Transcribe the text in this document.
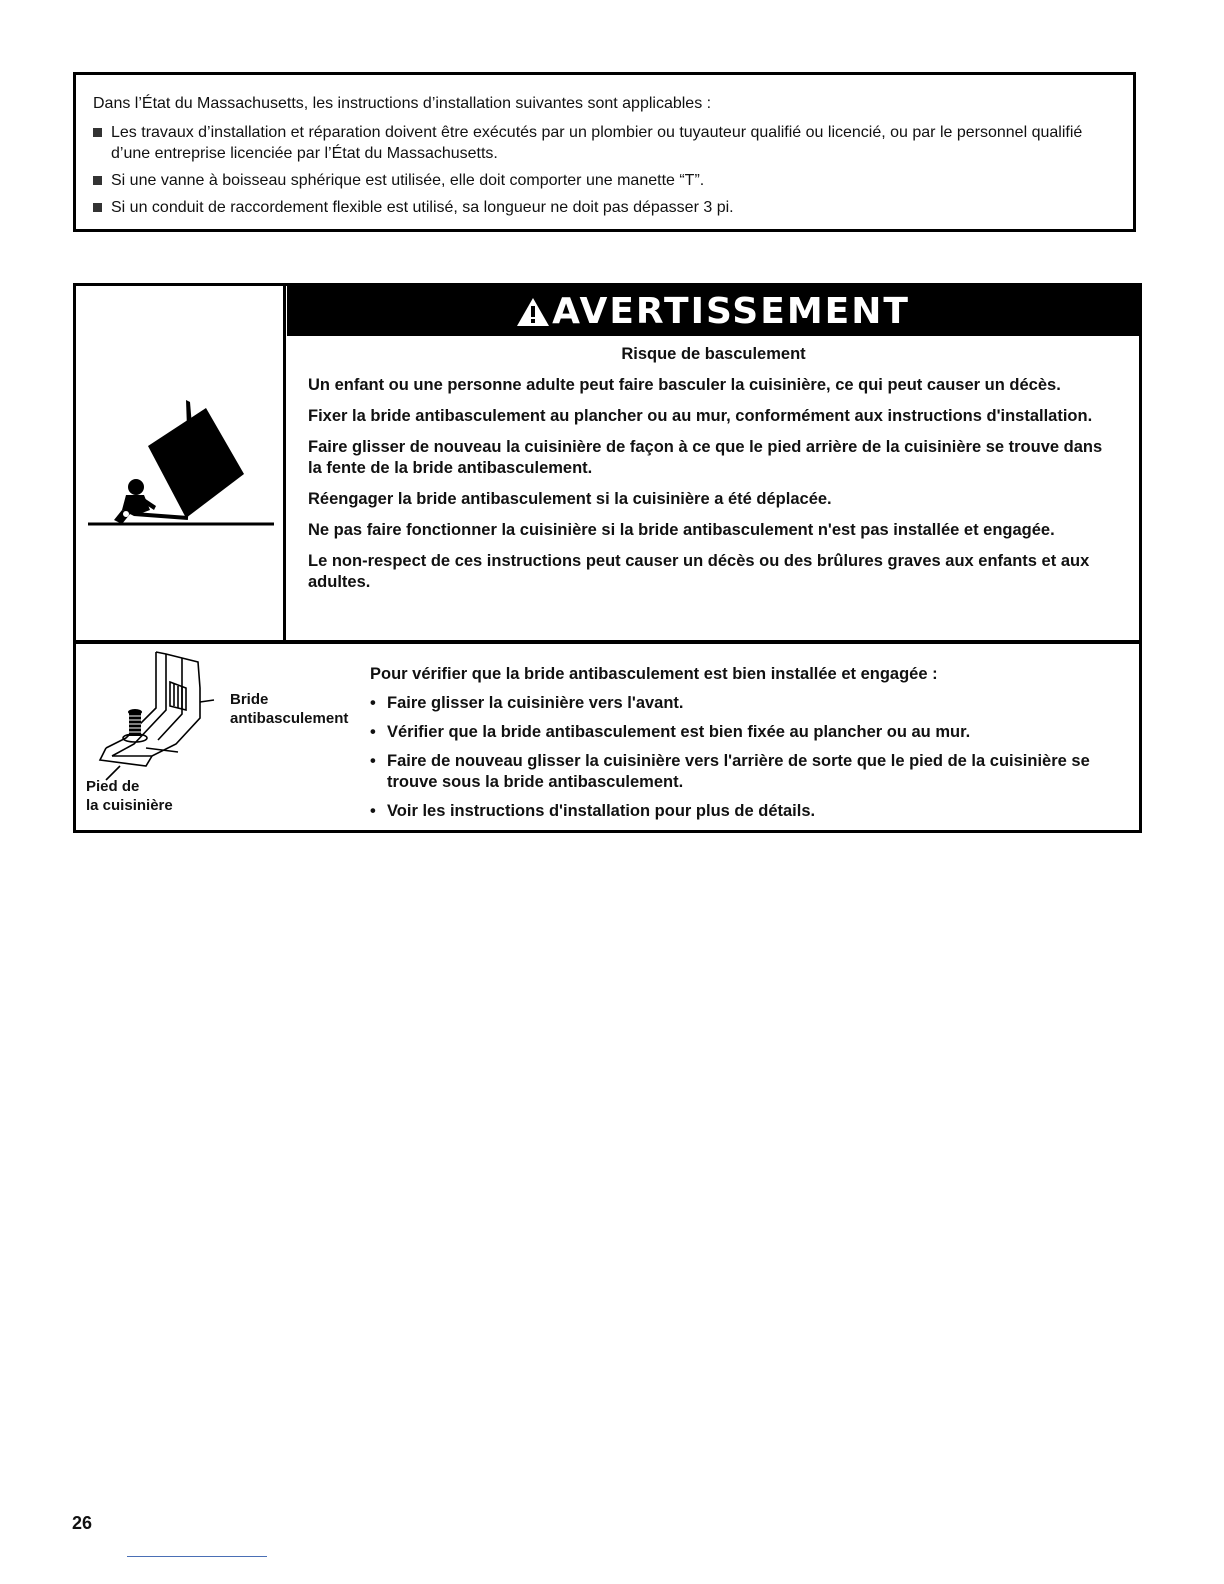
Dans l’État du Massachusetts, les instructions d’installation suivantes sont applicables :

Les travaux d’installation et réparation doivent être exécutés par un plombier ou tuyauteur qualifié ou licencié, ou par le personnel qualifié d’une entreprise licenciée par l’État du Massachusetts.
Si une vanne à boisseau sphérique est utilisée, elle doit comporter une manette “T”.
Si un conduit de raccordement flexible est utilisé, sa longueur ne doit pas dépasser 3 pi.
AVERTISSEMENT

Risque de basculement

Un enfant ou une personne adulte peut faire basculer la cuisinière, ce qui peut causer un décès.

Fixer la bride antibasculement au plancher ou au mur, conformément aux instructions d'installation.

Faire glisser de nouveau la cuisinière de façon à ce que le pied arrière de la cuisinière se trouve dans la fente de la bride antibasculement.

Réengager la bride antibasculement si la cuisinière a été déplacée.

Ne pas faire fonctionner la cuisinière si la bride antibasculement n'est pas installée et engagée.

Le non-respect de ces instructions peut causer un décès ou des brûlures graves aux enfants et aux adultes.

Bride
antibasculement
Pied de
la cuisinière

Pour vérifier que la bride antibasculement est bien installée et engagée :

• Faire glisser la cuisinière vers l'avant.
• Vérifier que la bride antibasculement est bien fixée au plancher ou au mur.
• Faire de nouveau glisser la cuisinière vers l'arrière de sorte que le pied de la cuisinière se trouve sous la bride antibasculement.
• Voir les instructions d'installation pour plus de détails.
26
